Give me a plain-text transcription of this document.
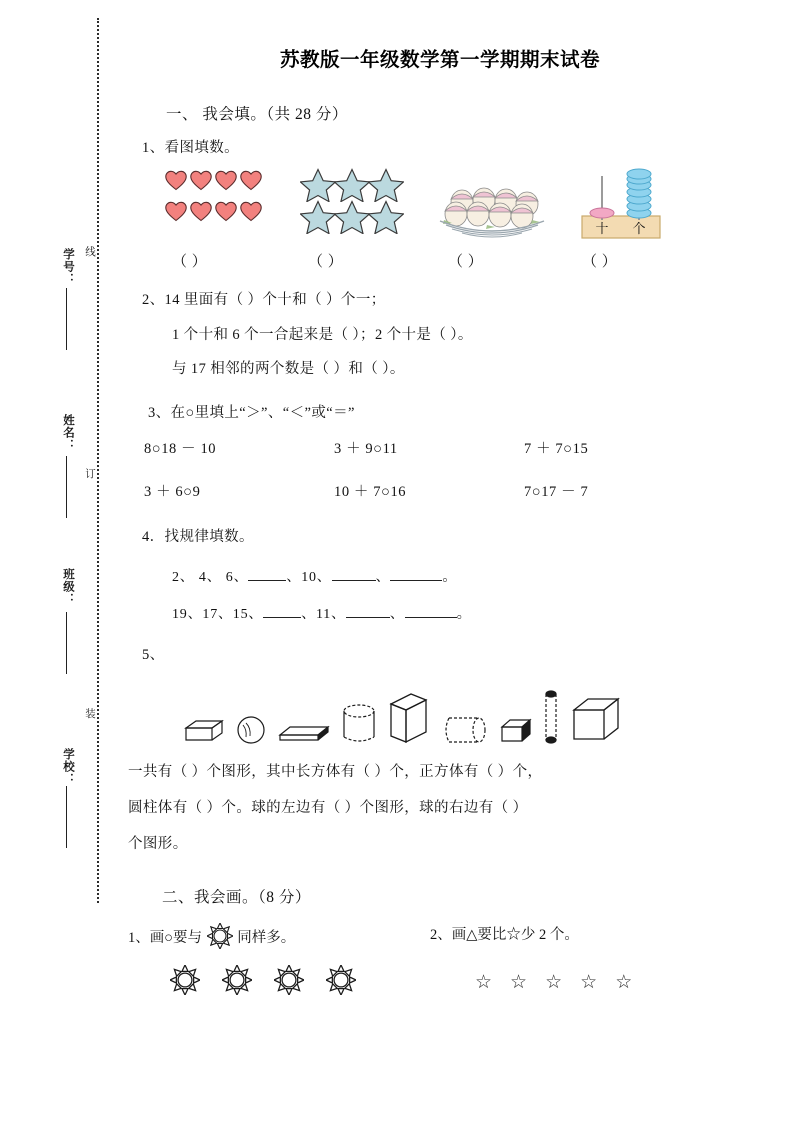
学号： 线
姓名：
订
班级：
学校：
装
苏教版一年级数学第一学期期末试卷
一、 我会填。（共 28 分）
1、看图填数。
十 个
（ ）	（ ）	（ ）	（ ）
2、14 里面有（ ）个十和（ ）个一；
1 个十和 6 个一合起来是（ ）；2 个十是（ ）。
与 17 相邻的两个数是（ ）和（ ）。
3、在○里填上“＞”、“＜”或“＝”
8○18 － 10	3 ＋ 9○11	7 ＋ 7○15
3 ＋ 6○9	10 ＋ 7○16	7○17 － 7
4．找规律填数。
2、 4、 6、	、10、	、	。
19、17、15、	、11、	、	。
5、
一共有（ ）个图形，其中长方体有（ ）个，正方体有（ ）个，
圆柱体有（ ）个。球的左边有（ ）个图形，球的右边有（ ）
个图形。
二、我会画。（8 分）
1、画○要与 同样多。	2、画△要比☆少 2 个。
☆ ☆ ☆ ☆ ☆
